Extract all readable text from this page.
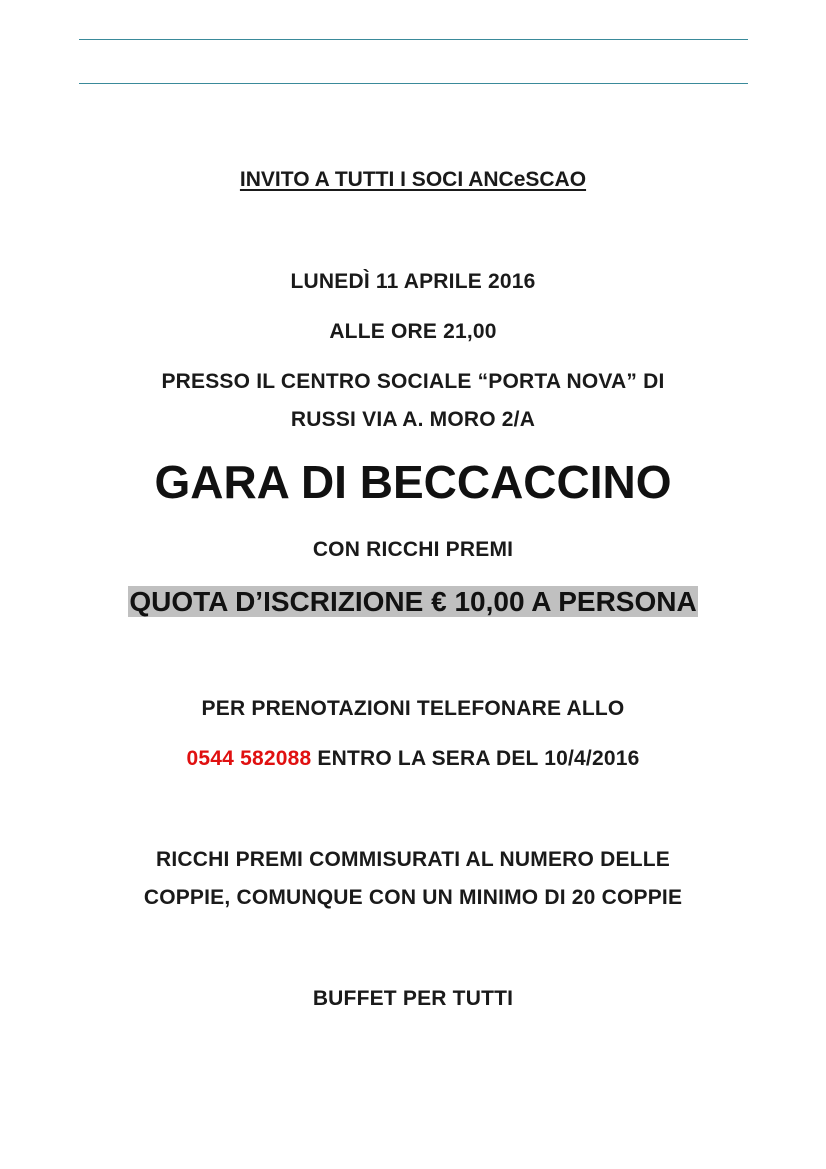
INVITO A TUTTI I SOCI ANCeSCAO
LUNEDÌ 11 APRILE 2016
ALLE ORE 21,00
PRESSO IL CENTRO SOCIALE “PORTA NOVA” DI
RUSSI VIA A. MORO 2/A
GARA DI BECCACCINO
CON RICCHI PREMI
QUOTA D’ISCRIZIONE € 10,00 A PERSONA
PER PRENOTAZIONI TELEFONARE ALLO
0544 582088 ENTRO LA SERA DEL 10/4/2016
RICCHI PREMI COMMISURATI AL NUMERO DELLE
COPPIE, COMUNQUE CON UN MINIMO DI 20 COPPIE
BUFFET PER TUTTI
